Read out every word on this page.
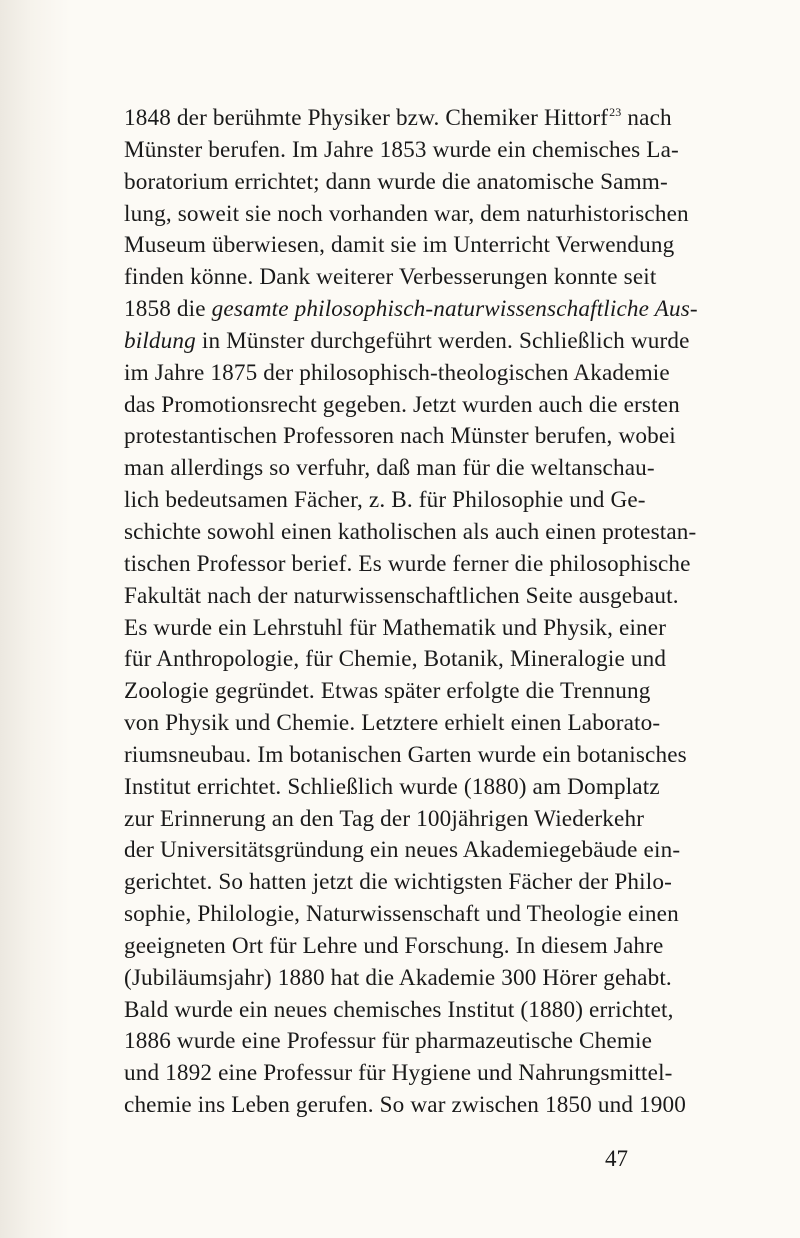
1848 der berühmte Physiker bzw. Chemiker Hittorf$^{23}$ nach
Münster berufen. Im Jahre 1853 wurde ein chemisches La-
boratorium errichtet; dann wurde die anatomische Samm-
lung, soweit sie noch vorhanden war, dem naturhistorischen
Museum überwiesen, damit sie im Unterricht Verwendung
finden könne. Dank weiterer Verbesserungen konnte seit
1858 die gesamte philosophisch-naturwissenschaftliche Aus-
bildung in Münster durchgeführt werden. Schließlich wurde
im Jahre 1875 der philosophisch-theologischen Akademie
das Promotionsrecht gegeben. Jetzt wurden auch die ersten
protestantischen Professoren nach Münster berufen, wobei
man allerdings so verfuhr, daß man für die weltanschau-
lich bedeutsamen Fächer, z. B. für Philosophie und Ge-
schichte sowohl einen katholischen als auch einen protestan-
tischen Professor berief. Es wurde ferner die philosophische
Fakultät nach der naturwissenschaftlichen Seite ausgebaut.
Es wurde ein Lehrstuhl für Mathematik und Physik, einer
für Anthropologie, für Chemie, Botanik, Mineralogie und
Zoologie gegründet. Etwas später erfolgte die Trennung
von Physik und Chemie. Letztere erhielt einen Laborato-
riumsneubau. Im botanischen Garten wurde ein botanisches
Institut errichtet. Schließlich wurde (1880) am Domplatz
zur Erinnerung an den Tag der 100jährigen Wiederkehr
der Universitätsgründung ein neues Akademiegebäude ein-
gerichtet. So hatten jetzt die wichtigsten Fächer der Philo-
sophie, Philologie, Naturwissenschaft und Theologie einen
geeigneten Ort für Lehre und Forschung. In diesem Jahre
(Jubiläumsjahr) 1880 hat die Akademie 300 Hörer gehabt.
Bald wurde ein neues chemisches Institut (1880) errichtet,
1886 wurde eine Professur für pharmazeutische Chemie
und 1892 eine Professur für Hygiene und Nahrungsmittel-
chemie ins Leben gerufen. So war zwischen 1850 und 1900
47
